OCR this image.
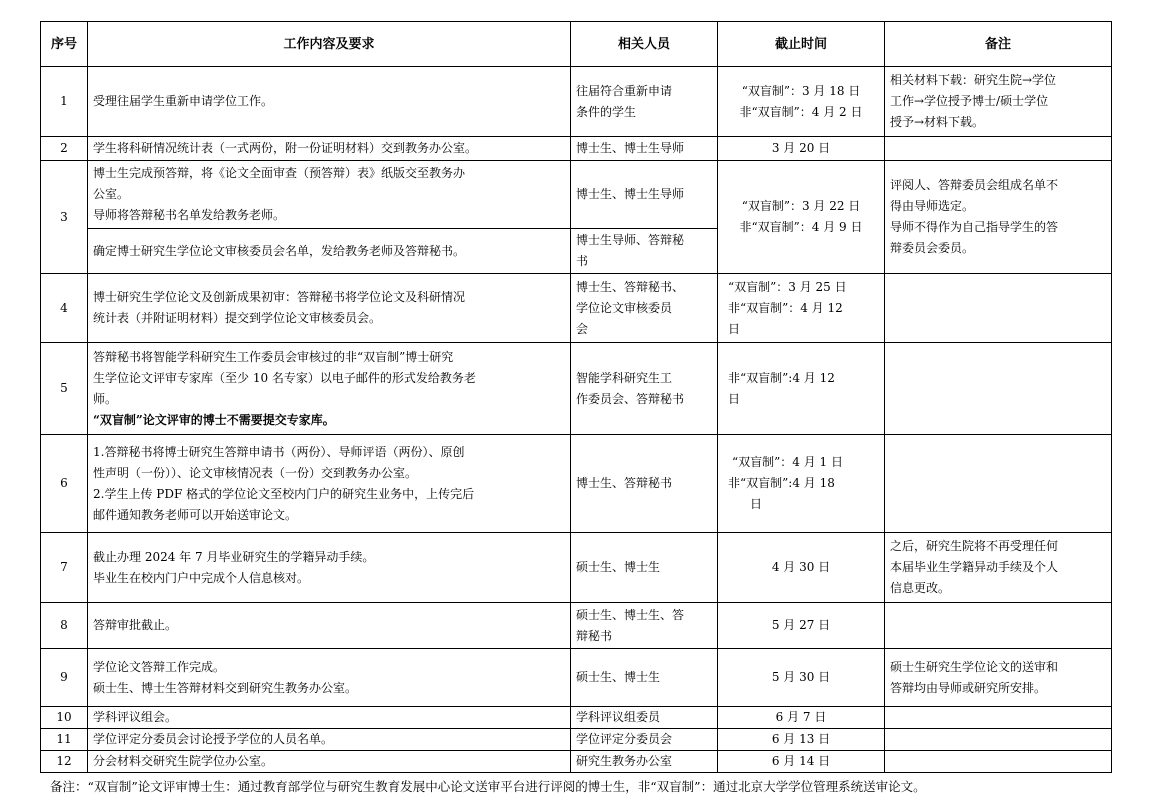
序号	工作内容及要求	相关人员	截止时间	备注
1	受理往届学生重新申请学位工作。	往届符合重新申请
条件的学生	“双盲制”：3 月 18 日
非“双盲制”：4 月 2 日	相关材料下载：研究生院→学位
工作→学位授予博士/硕士学位
授予→材料下载。

2	学生将科研情况统计表（一式两份，附一份证明材料）交到教务办公室。	博士生、博士生导师	3 月 20 日	

3	博士生完成预答辩，将《论文全面审查（预答辩）表》纸版交至教务办
公室。
导师将答辩秘书名单发给教务老师。	博士生、博士生导师	“双盲制”：3 月 22 日
非“双盲制”：4 月 9 日	评阅人、答辩委员会组成名单不
得由导师选定。
导师不得作为自己指导学生的答
辩委员会委员。

	确定博士研究生学位论文审核委员会名单，发给教务老师及答辩秘书。	博士生导师、答辩秘
书		

4	博士研究生学位论文及创新成果初审：答辩秘书将学位论文及科研情况
统计表（并附证明材料）提交到学位论文审核委员会。	博士生、答辩秘书、
学位论文审核委员
会	“双盲制”：3 月 25 日
非“双盲制”：4 月 12
日	

5	答辩秘书将智能学科研究生工作委员会审核过的非“双盲制”博士研究
生学位论文评审专家库（至少 10 名专家）以电子邮件的形式发给教务老
师。
“双盲制”论文评审的博士不需要提交专家库。	智能学科研究生工
作委员会、答辩秘书	非“双盲制”:4 月 12
日	

6	1.答辩秘书将博士研究生答辩申请书（两份）、导师评语（两份）、原创
性声明（一份））、论文审核情况表（一份）交到教务办公室。
2.学生上传 PDF 格式的学位论文至校内门户的研究生业务中，上传完后
邮件通知教务老师可以开始送审论文。	博士生、答辩秘书	“双盲制”：4 月 1 日
非“双盲制”:4 月 18
日	

7	截止办理 2024 年 7 月毕业研究生的学籍异动手续。
毕业生在校内门户中完成个人信息核对。	硕士生、博士生	4 月 30 日	之后，研究生院将不再受理任何
本届毕业生学籍异动手续及个人
信息更改。

8	答辩审批截止。	硕士生、博士生、答
辩秘书	5 月 27 日	

9	学位论文答辩工作完成。
硕士生、博士生答辩材料交到研究生教务办公室。	硕士生、博士生	5 月 30 日	硕士生研究生学位论文的送审和
答辩均由导师或研究所安排。

10	学科评议组会。	学科评议组委员	6 月 7 日	

11	学位评定分委员会讨论授予学位的人员名单。	学位评定分委员会	6 月 13 日	

12	分会材料交研究生院学位办公室。	研究生教务办公室	6 月 14 日	

备注：“双盲制”论文评审博士生：通过教育部学位与研究生教育发展中心论文送审平台进行评阅的博士生，非“双盲制”：通过北京大学学位管理系统送审论文。
